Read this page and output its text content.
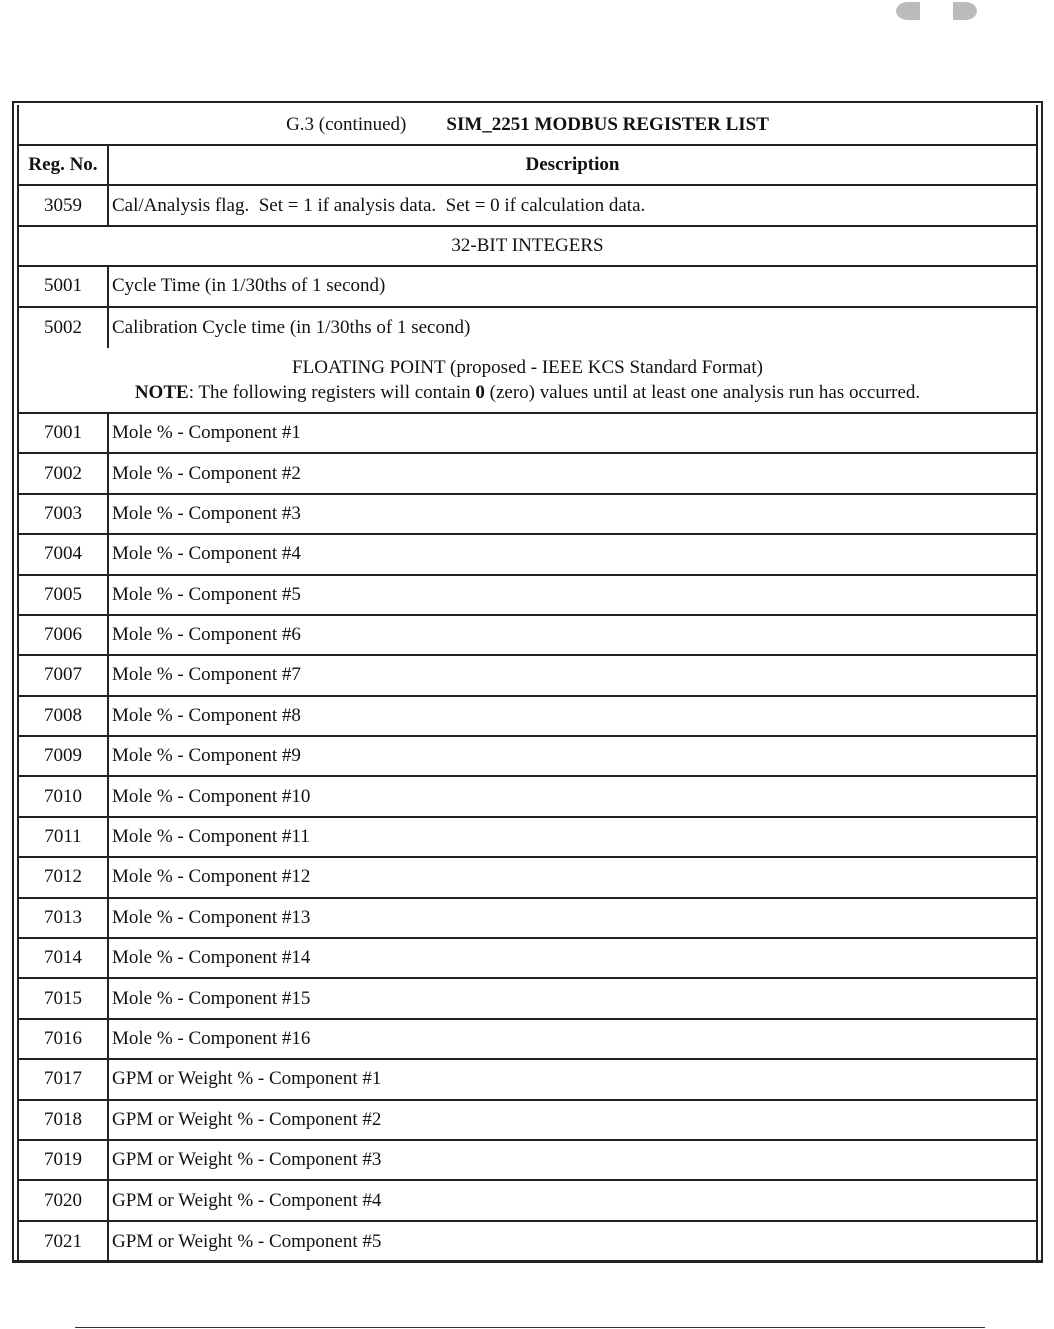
G.3 (continued) SIM_2251 MODBUS REGISTER LIST
Reg. No.	Description
3059	Cal/Analysis flag.  Set = 1 if analysis data.  Set = 0 if calculation data.
32-BIT INTEGERS
5001	Cycle Time (in 1/30ths of 1 second)
5002	Calibration Cycle time (in 1/30ths of 1 second)
FLOATING POINT (proposed - IEEE KCS Standard Format)
NOTE: The following registers will contain 0 (zero) values until at least one analysis run has occurred.
7001	Mole % - Component #1
7002	Mole % - Component #2
7003	Mole % - Component #3
7004	Mole % - Component #4
7005	Mole % - Component #5
7006	Mole % - Component #6
7007	Mole % - Component #7
7008	Mole % - Component #8
7009	Mole % - Component #9
7010	Mole % - Component #10
7011	Mole % - Component #11
7012	Mole % - Component #12
7013	Mole % - Component #13
7014	Mole % - Component #14
7015	Mole % - Component #15
7016	Mole % - Component #16
7017	GPM or Weight % - Component #1
7018	GPM or Weight % - Component #2
7019	GPM or Weight % - Component #3
7020	GPM or Weight % - Component #4
7021	GPM or Weight % - Component #5
